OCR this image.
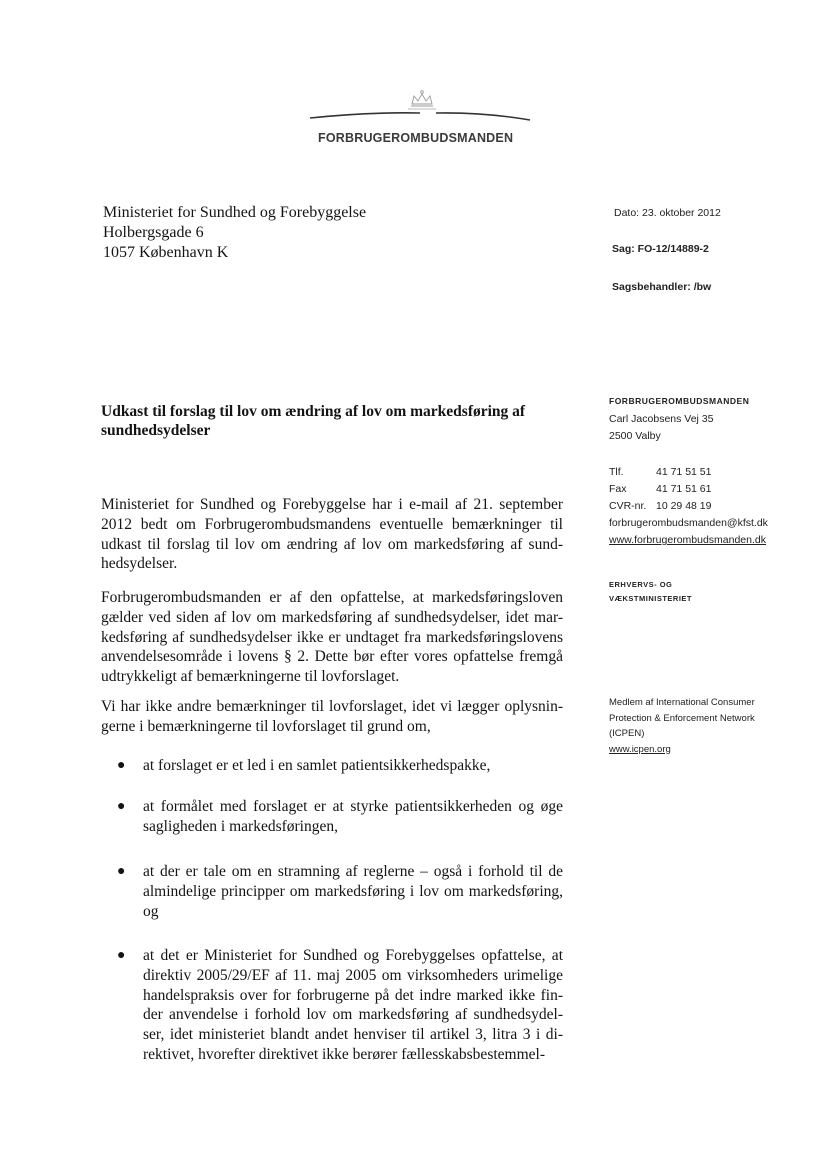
FORBRUGEROMBUDSMANDEN
Ministeriet for Sundhed og Forebyggelse
Holbergsgade 6
1057 København K
Dato: 23. oktober 2012
Sag: FO-12/14889-2
Sagsbehandler: /bw
FORBRUGEROMBUDSMANDEN
Carl Jacobsens Vej 35
2500 Valby
Tlf.	41 71 51 51
Fax	41 71 51 61
CVR-nr. 10 29 48 19
forbrugerombudsmanden@kfst.dk
www.forbrugerombudsmanden.dk
ERHVERVS- OG
VÆKSTMINISTERIET
Medlem af International Consumer
Protection & Enforcement Network
(ICPEN)
www.icpen.org
Udkast til forslag til lov om ændring af lov om markedsføring af sundhedsydelser
Ministeriet for Sundhed og Forebyggelse har i e-mail af 21. september 2012 bedt om Forbrugerombudsmandens eventuelle bemærkninger til udkast til forslag til lov om ændring af lov om markedsføring af sund-hedsydelser.
Forbrugerombudsmanden er af den opfattelse, at markedsføringsloven gælder ved siden af lov om markedsføring af sundhedsydelser, idet mar-kedsføring af sundhedsydelser ikke er undtaget fra markedsføringslovens anvendelsesområde i lovens § 2. Dette bør efter vores opfattelse fremgå udtrykkeligt af bemærkningerne til lovforslaget.
Vi har ikke andre bemærkninger til lovforslaget, idet vi lægger oplysnin-gerne i bemærkningerne til lovforslaget til grund om,
● at forslaget er et led i en samlet patientsikkerhedspakke,
● at formålet med forslaget er at styrke patientsikkerheden og øge sagligheden i markedsføringen,
● at der er tale om en stramning af reglerne – også i forhold til de almindelige principper om markedsføring i lov om markedsføring, og
● at det er Ministeriet for Sundhed og Forebyggelses opfattelse, at direktiv 2005/29/EF af 11. maj 2005 om virksomheders urimelige handelspraksis over for forbrugerne på det indre marked ikke fin-der anvendelse i forhold lov om markedsføring af sundhedsydel-ser, idet ministeriet blandt andet henviser til artikel 3, litra 3 i di-rektivet, hvorefter direktivet ikke berører fællesskabsbestemmel-
